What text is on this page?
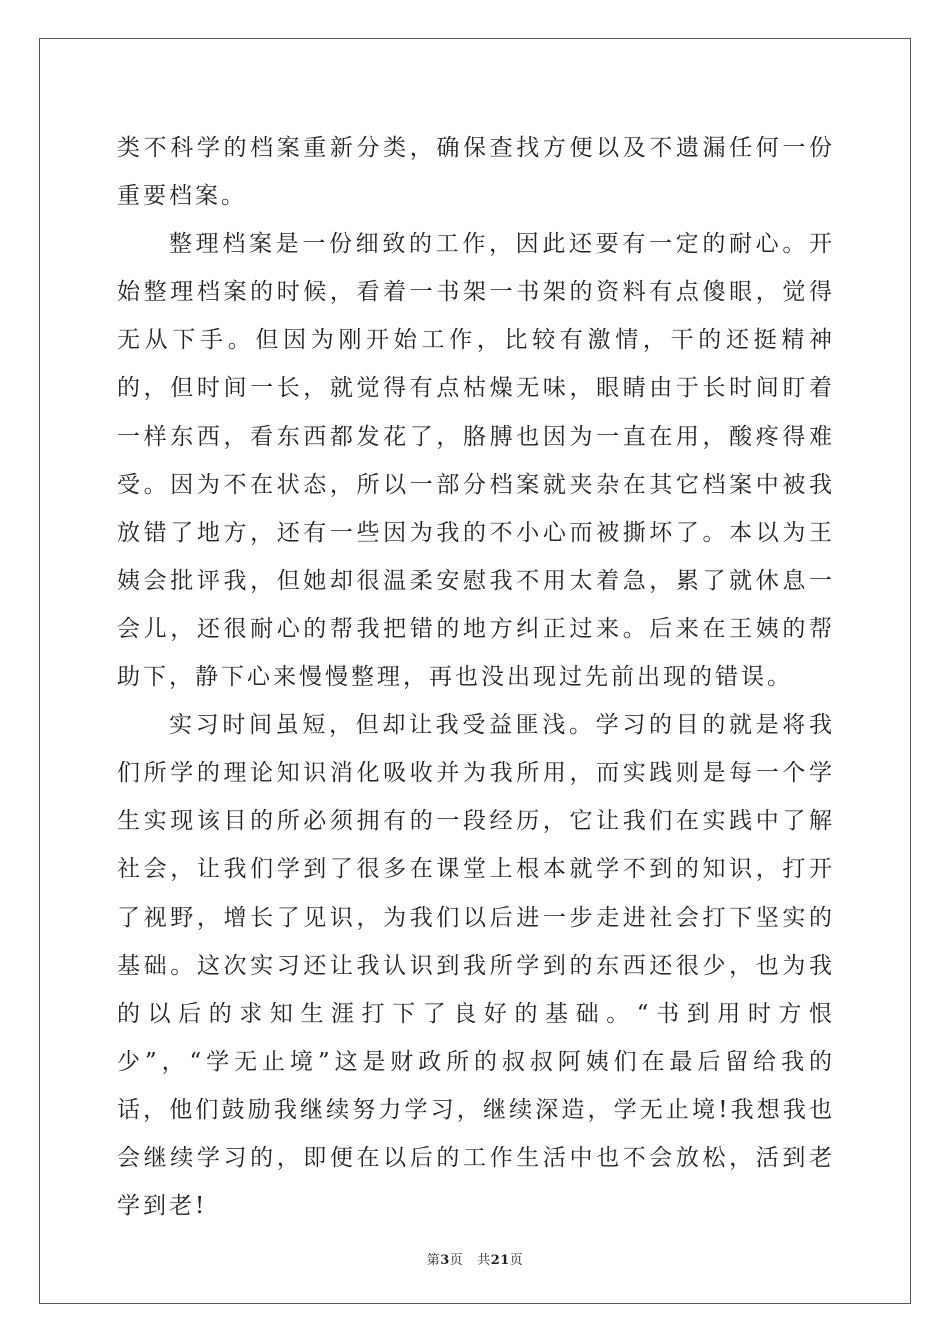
类不科学的档案重新分类，确保查找方便以及不遗漏任何一份重要档案。

整理档案是一份细致的工作，因此还要有一定的耐心。开始整理档案的时候，看着一书架一书架的资料有点傻眼，觉得无从下手。但因为刚开始工作，比较有激情，干的还挺精神的，但时间一长，就觉得有点枯燥无味，眼睛由于长时间盯着一样东西，看东西都发花了，胳膊也因为一直在用，酸疼得难受。因为不在状态，所以一部分档案就夹杂在其它档案中被我放错了地方，还有一些因为我的不小心而被撕坏了。本以为王姨会批评我，但她却很温柔安慰我不用太着急，累了就休息一会儿，还很耐心的帮我把错的地方纠正过来。后来在王姨的帮助下，静下心来慢慢整理，再也没出现过先前出现的错误。

实习时间虽短，但却让我受益匪浅。学习的目的就是将我们所学的理论知识消化吸收并为我所用，而实践则是每一个学生实现该目的所必须拥有的一段经历，它让我们在实践中了解社会，让我们学到了很多在课堂上根本就学不到的知识，打开了视野，增长了见识，为我们以后进一步走进社会打下坚实的基础。这次实习还让我认识到我所学到的东西还很少，也为我的以后的求知生涯打下了良好的基础。“书到用时方恨少”，“学无止境”这是财政所的叔叔阿姨们在最后留给我的话，他们鼓励我继续努力学习，继续深造，学无止境!我想我也会继续学习的，即便在以后的工作生活中也不会放松，活到老学到老!

第3页 共21页
